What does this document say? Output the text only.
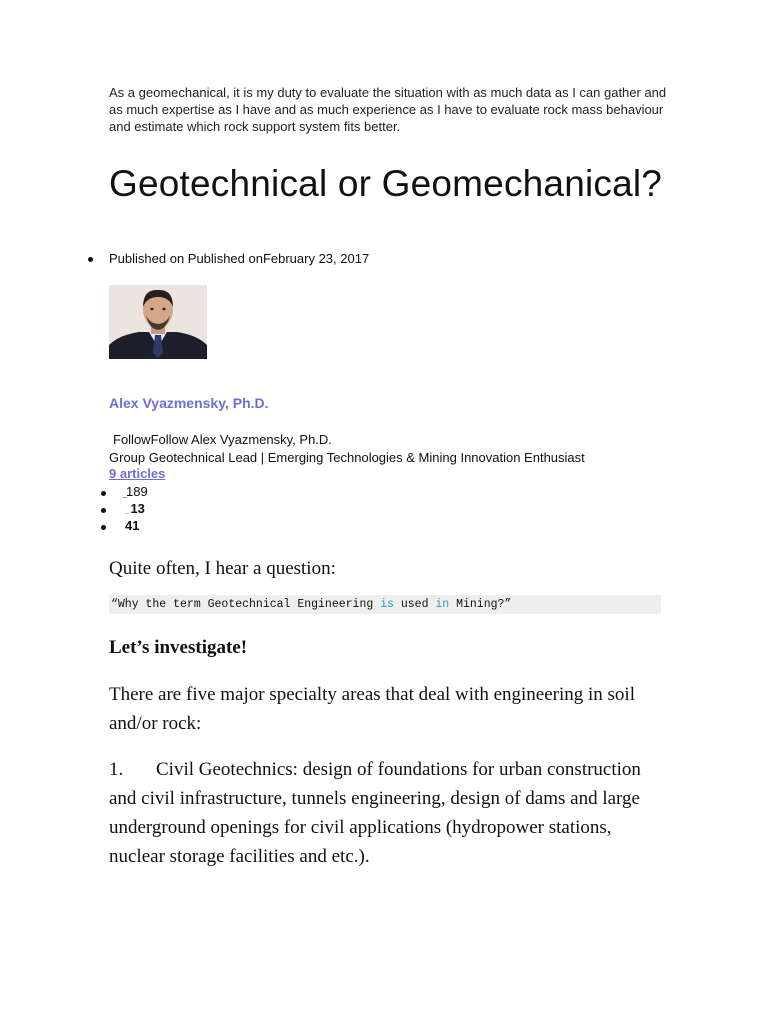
As a geomechanical, it is my duty to evaluate the situation with as much data as I can gather and as much expertise as I have and as much experience as I have to evaluate rock mass behaviour and estimate which rock support system fits better.

Geotechnical or Geomechanical?
Published on Published onFebruary 23, 2017
Alex Vyazmensky, Ph.D.
FollowFollow Alex Vyazmensky, Ph.D.
Group Geotechnical Lead | Emerging Technologies & Mining Innovation Enthusiast
9 articles
189
_13
41

Quite often, I hear a question:

“Why the term Geotechnical Engineering is used in Mining?”
Let’s investigate!

There are five major specialty areas that deal with engineering in soil and/or rock:

1. Civil Geotechnics: design of foundations for urban construction and civil infrastructure, tunnels engineering, design of dams and large underground openings for civil applications (hydropower stations, nuclear storage facilities and etc.).
